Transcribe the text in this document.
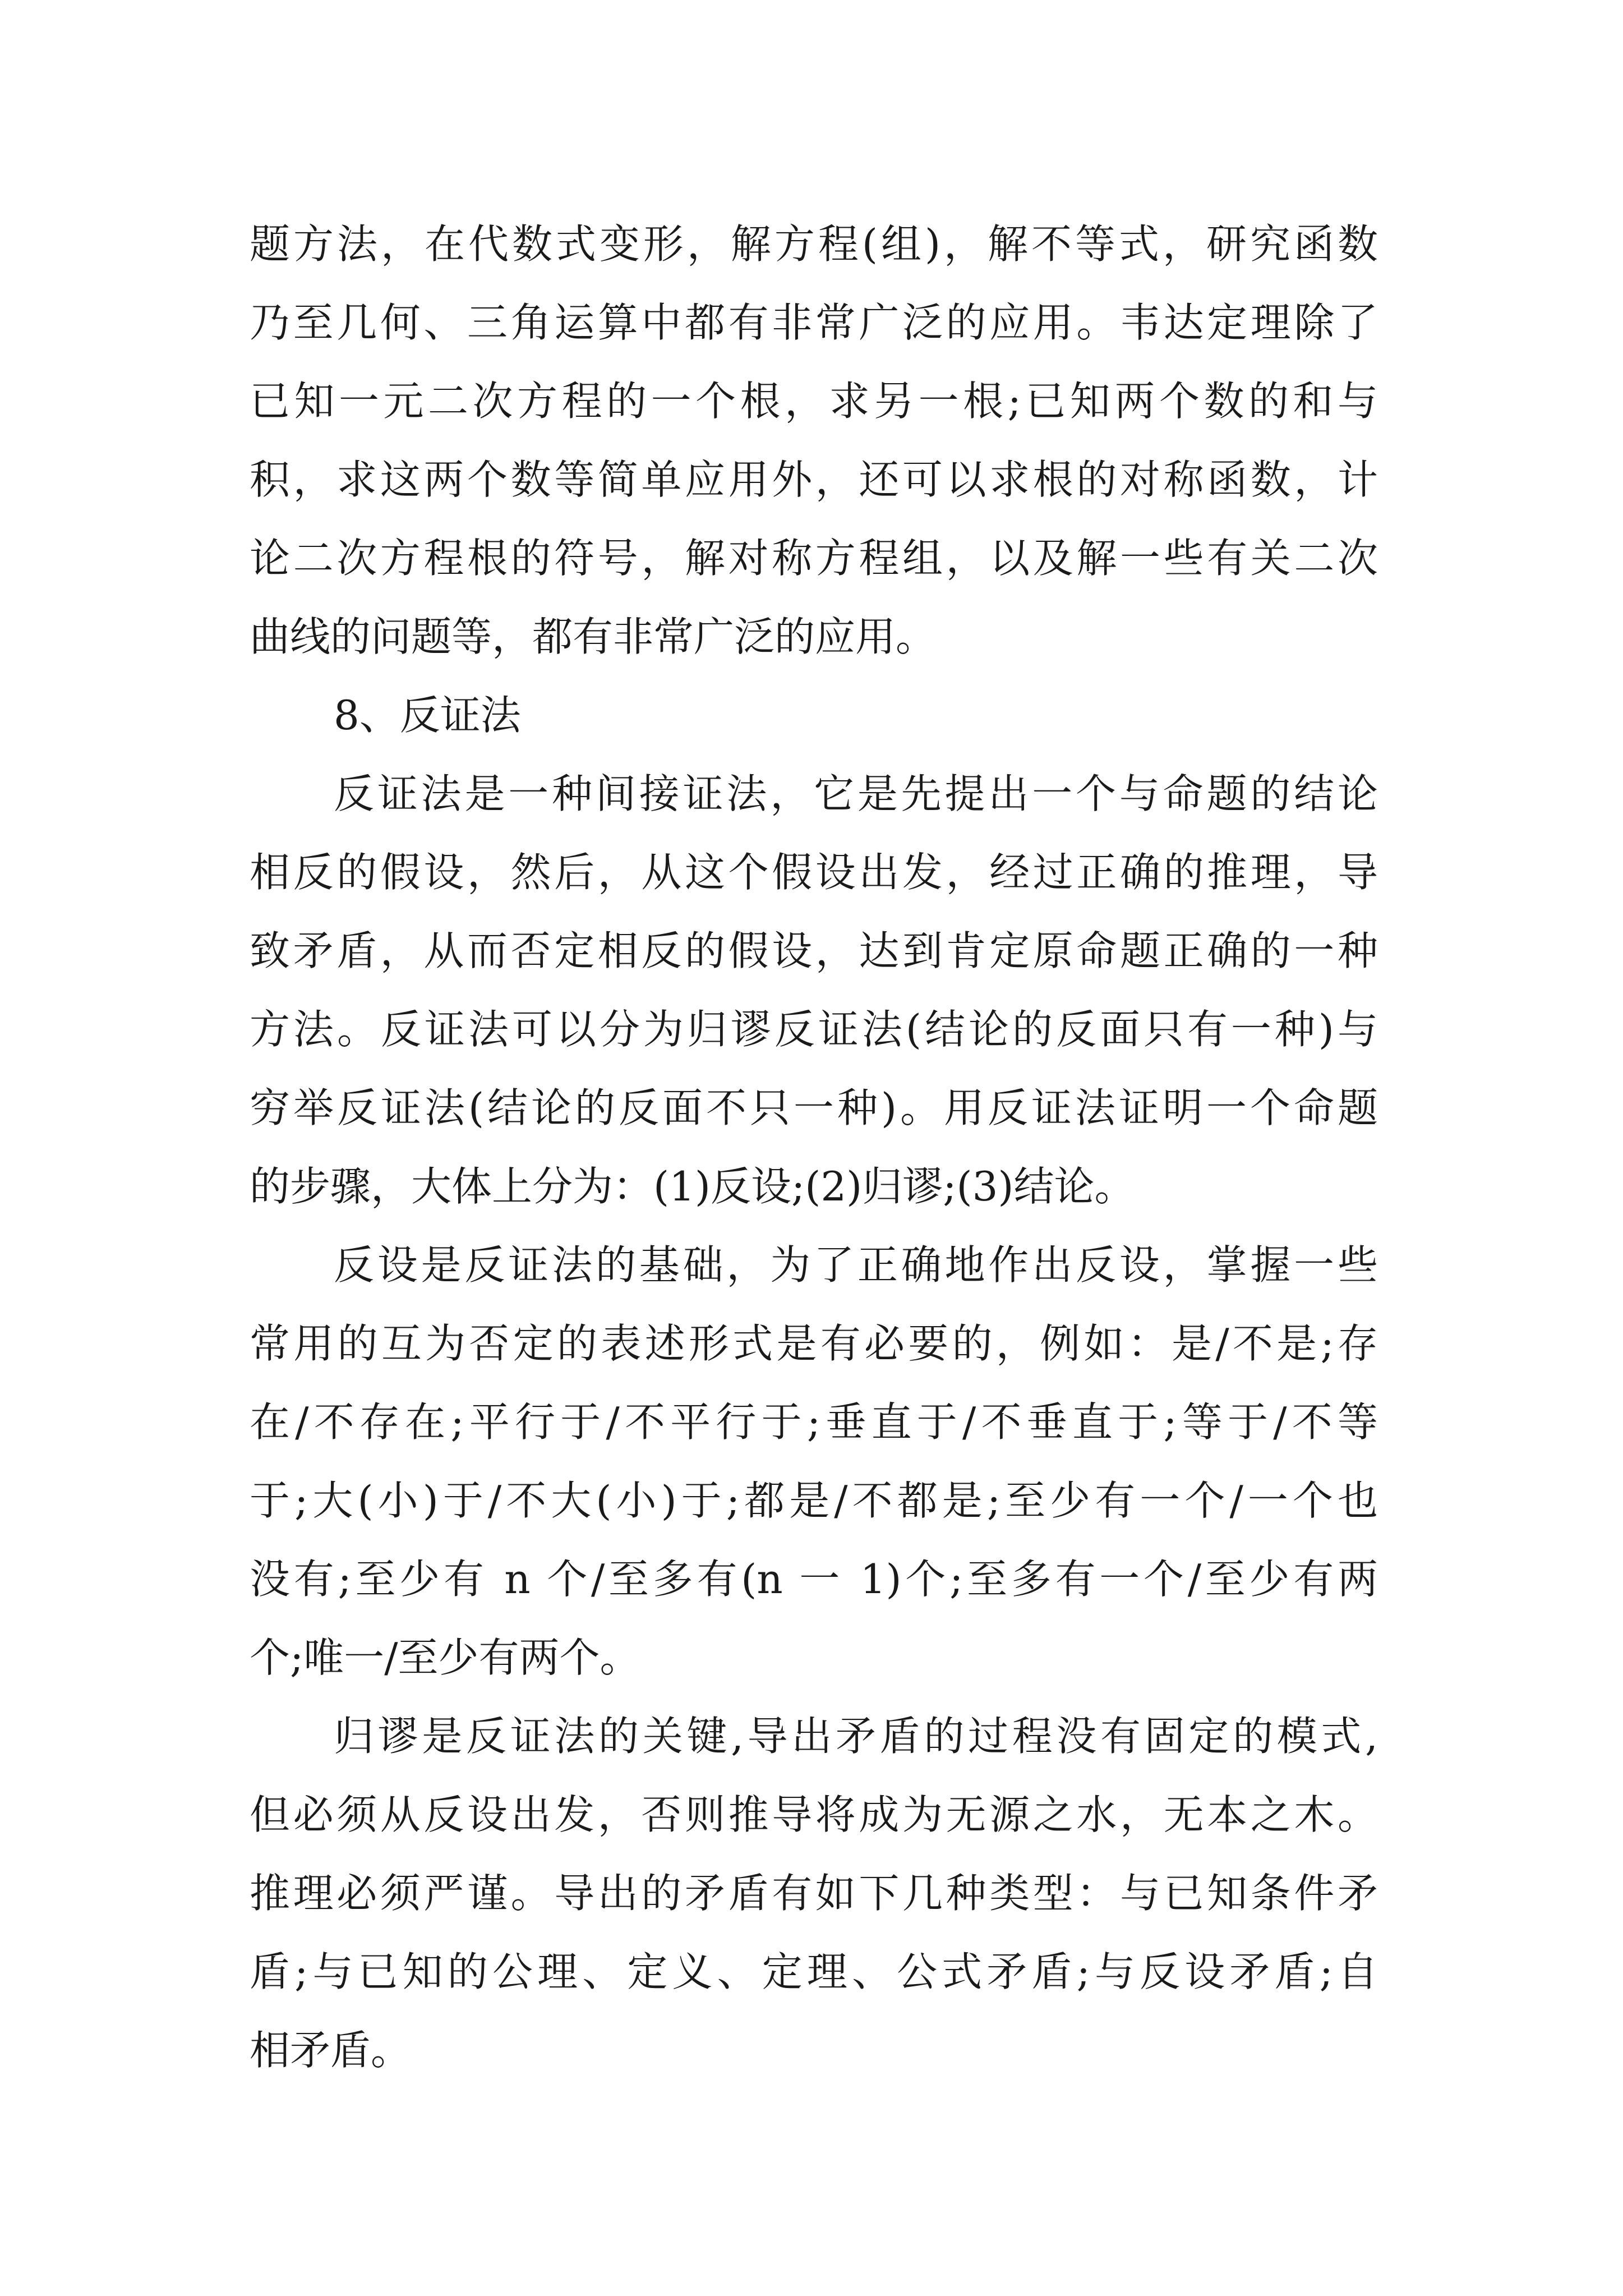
题方法，在代数式变形，解方程(组)，解不等式，研究函数
乃至几何、三角运算中都有非常广泛的应用。韦达定理除了
已知一元二次方程的一个根，求另一根;已知两个数的和与
积，求这两个数等简单应用外，还可以求根的对称函数，计
论二次方程根的符号，解对称方程组，以及解一些有关二次
曲线的问题等，都有非常广泛的应用。
8、反证法
反证法是一种间接证法，它是先提出一个与命题的结论
相反的假设，然后，从这个假设出发，经过正确的推理，导
致矛盾，从而否定相反的假设，达到肯定原命题正确的一种
方法。反证法可以分为归谬反证法(结论的反面只有一种)与
穷举反证法(结论的反面不只一种)。用反证法证明一个命题
的步骤，大体上分为：(1)反设;(2)归谬;(3)结论。
反设是反证法的基础，为了正确地作出反设，掌握一些
常用的互为否定的表述形式是有必要的，例如：是/不是;存
在/不存在;平行于/不平行于;垂直于/不垂直于;等于/不等
于;大(小)于/不大(小)于;都是/不都是;至少有一个/一个也
没有;至少有 n 个/至多有(n 一 1)个;至多有一个/至少有两
个;唯一/至少有两个。
归谬是反证法的关键,导出矛盾的过程没有固定的模式,
但必须从反设出发，否则推导将成为无源之水，无本之木。
推理必须严谨。导出的矛盾有如下几种类型：与已知条件矛
盾;与已知的公理、定义、定理、公式矛盾;与反设矛盾;自
相矛盾。
